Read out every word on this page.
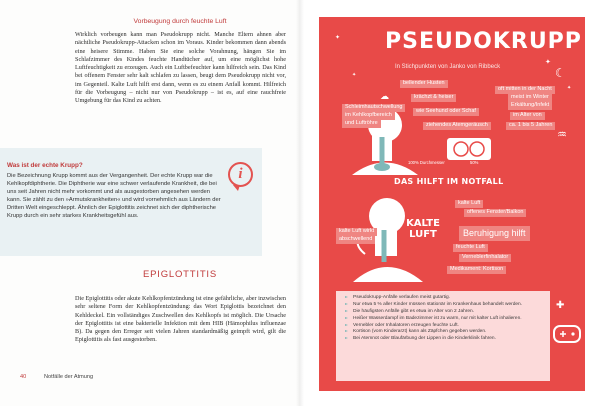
Vorbeugung durch feuchte Luft
Wirklich vorbeugen kann man Pseudokrupp nicht. Manche Eltern ahnen aber nächtliche Pseudokrupp-Attacken schon im Voraus. Kinder bekommen dann abends eine heisere Stimme. Haben Sie eine solche Vorahnung, hängen Sie im Schlafzimmer des Kindes feuchte Handtücher auf, um eine möglichst hohe Luftfeuchtigkeit zu erzeugen. Auch ein Luftbefeuchter kann hilfreich sein. Das Kind bei offenem Fenster sehr kalt schlafen zu lassen, beugt dem Pseudokrupp nicht vor, im Gegenteil. Kalte Luft hilft erst dann, wenn es zu einem Anfall kommt. Hilfreich für die Vorbeugung – nicht nur von Pseudokrupp – ist es, auf eine rauchfreie Umgebung für das Kind zu achten.
Was ist der echte Krupp?
Die Bezeichnung Krupp kommt aus der Vergangenheit. Der echte Krupp war die Kehlkopfdiphtherie. Die Diphtherie war eine schwer verlaufende Krankheit, die bei uns seit Jahren nicht mehr vorkommt und als ausgestorben angesehen werden kann. Sie zählt zu den »Armutskrankheiten« und wird vornehmlich aus Ländern der Dritten Welt eingeschleppt. Ähnlich der Epiglottitis zeichnet sich der diphtherische Krupp durch ein sehr starkes Krankheitsgefühl aus.
i
EPIGLOTTITIS
Die Epiglottitis oder akute Kehlkopfentzündung ist eine gefährliche, aber inzwischen sehr seltene Form der Kehlkopfentzündung: das Wort Epiglottis bezeichnet den Kehldeckel. Ein vollständiges Zuschwellen des Kehlkopfs ist möglich. Die Ursache der Epiglottitis ist eine bakterielle Infektion mit dem HIB (Hämophilus influenzae B). Da gegen den Erreger seit vielen Jahren standardmäßig geimpft wird, gilt die Epiglottitis als fast ausgestorben.
40	Notfälle der Atmung
PSEUDOKRUPP
In Stichpunkten von Janko von Ribbeck	☾
✦
✦
✦
✦
♒
☁
100% Durchmesser	50%
bellender Husten
krächzt & heiser
Schleimhautschwellung
im Kehlkopfbereich
und Luftröhre
wie Seehund oder Schaf
ziehendes Atemgeräusch
oft mitten in der Nacht
meist im Winter
Erkältung/Infekt
im Alter von
ca. 1 bis 5 Jahren
DAS HILFT IM NOTFALL
kalte Luft
offenes Fenster/Balkon
Beruhigung hilft
feuchte Luft
Verneblerfinhalator
Medikament: Kortison
kalte Luft wirkt
abschwellend
KALTE LUFT
Pseudokrupp-Anfälle verlaufen meist gutartig.
Nur etwa 5 % aller Kinder müssen stationär im Krankenhaus behandelt werden.
Die häufigsten Anfälle gibt es etwa im Alter von 2 Jahren.
Heißer Wasserdampf im Badezimmer ist zu warm, nur mit kalter Luft inhalieren.
Vernebler oder Inhalatoren erzeugen feuchte Luft.
Kortison (vom Kinderarzt) kann als Zäpfchen gegeben werden.
Bei Atemnot oder Blaufärbung der Lippen in die Kinderklinik fahren.
✚
